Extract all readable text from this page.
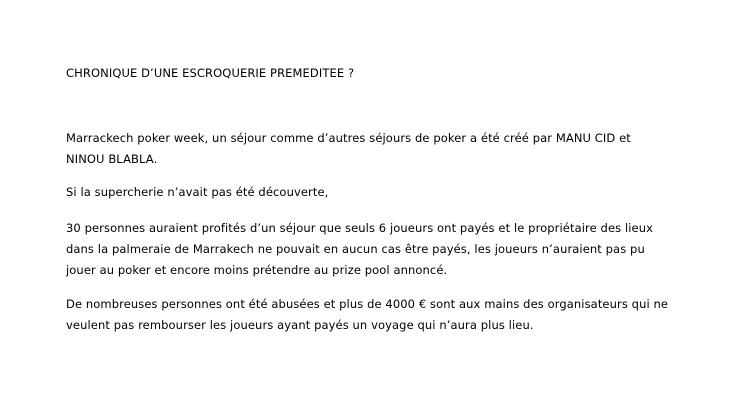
CHRONIQUE D’UNE ESCROQUERIE PREMEDITEE ?
Marrackech poker week, un séjour comme d’autres séjours de poker a été créé par MANU CID et
NINOU BLABLA.
Si la supercherie n’avait pas été découverte,
30 personnes auraient profités d’un séjour que seuls 6 joueurs ont payés et le propriétaire des lieux
dans la palmeraie de Marrakech ne pouvait en aucun cas être payés, les joueurs n’auraient pas pu
jouer au poker et encore moins prétendre au prize pool annoncé.
De nombreuses personnes ont été abusées et plus de 4000 € sont aux mains des organisateurs qui ne
veulent pas rembourser les joueurs ayant payés un voyage qui n’aura plus lieu.
